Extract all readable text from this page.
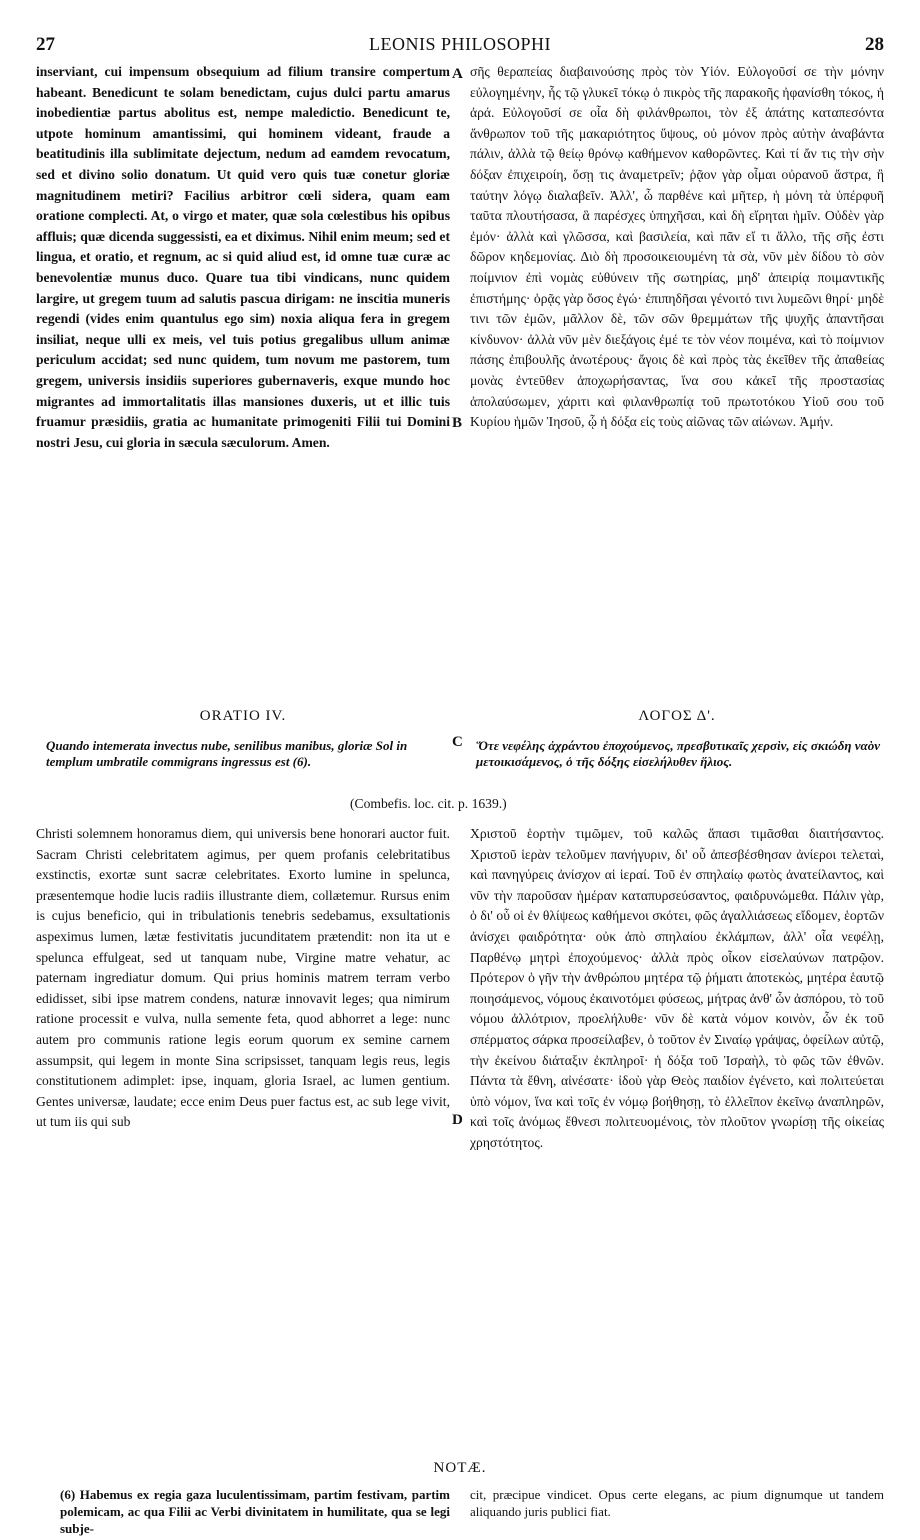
27	LEONIS PHILOSOPHI	28

inserviant, cui impensum obsequium ad filium transire compertum habeant. Benedicunt te solam benedictam, cujus dulci partu amarus inobedientiæ partus abolitus est, nempe maledictio. Benedicunt te, utpote hominum amantissimi, qui hominem videant, fraude a beatitudinis illa sublimitate dejectum, nedum ad eamdem revocatum, sed et divino solio donatum. Ut quid vero quis tuæ conetur gloriæ magnitudinem metiri? Facilius arbitror cœli sidera, quam eam oratione complecti. At, o virgo et mater, quæ sola cœlestibus his opibus affluis; quæ dicenda suggessisti, ea et diximus. Nihil enim meum; sed et lingua, et oratio, et regnum, ac si quid aliud est, id omne tuæ curæ ac benevolentiæ munus duco. Quare tua tibi vindicans, nunc quidem largire, ut gregem tuum ad salutis pascua dirigam: ne inscitia muneris regendi (vides enim quantulus ego sim) noxia aliqua fera in gregem insiliat, neque ulli ex meis, vel tuis potius gregalibus ullum animæ periculum accidat; sed nunc quidem, tum novum me pastorem, tum gregem, universis insidiis superiores gubernaveris, exque mundo hoc migrantes ad immortalitatis illas mansiones duxeris, ut et illic tuis fruamur præsidiis, gratia ac humanitate primogeniti Filii tui Domini nostri Jesu, cui gloria in sæcula sæculorum. Amen.

σῆς θεραπείας διαβαινούσης πρὸς τὸν Υἱόν. Εὐλογοῦσί σε τὴν μόνην εὐλογημένην, ἧς τῷ γλυκεῖ τόκῳ ὁ πικρὸς τῆς παρακοῆς ἠφανίσθη τόκος, ἡ ἀρά. Εὐλογοῦσί σε οἷα δὴ φιλάνθρωποι, τὸν ἐξ ἀπάτης καταπεσόντα ἄνθρωπον τοῦ τῆς μακαριότητος ὕψους, οὐ μόνον πρὸς αὐτὴν ἀναβάντα πάλιν, ἀλλὰ τῷ θείῳ θρόνῳ καθήμενον καθορῶντες. Καὶ τί ἄν τις τὴν σὴν δόξαν ἐπιχειροίη, ὅσῃ τις ἀναμετρεῖν; ῥᾷον γὰρ οἶμαι οὐρανοῦ ἄστρα, ἢ ταύτην λόγῳ διαλαβεῖν. Ἀλλ', ὦ παρθένε καὶ μῆτερ, ἡ μόνη τὰ ὑπέρφυῆ ταῦτα πλουτήσασα, ἃ παρέσχες ὑπηχῆσαι, καὶ δὴ εἴρηται ἡμῖν. Οὐδὲν γὰρ ἐμόν· ἀλλὰ καὶ γλῶσσα, καὶ βασιλεία, καὶ πᾶν εἴ τι ἄλλο, τῆς σῆς ἐστι δῶρον κηδεμονίας. Διὸ δὴ προσοικειουμένη τὰ σὰ, νῦν μὲν δίδου τὸ σὸν ποίμνιον ἐπὶ νομὰς εὐθύνειν τῆς σωτηρίας, μηδ' ἀπειρίᾳ ποιμαντικῆς ἐπιστήμης· ὁρᾷς γὰρ ὅσος ἐγώ· ἐπιπηδῆσαι γένοιτό τινι λυμεῶνι θηρί· μηδὲ τινι τῶν ἐμῶν, μᾶλλον δὲ, τῶν σῶν θρεμμάτων τῆς ψυχῆς ἀπαντῆσαι κίνδυνον· ἀλλὰ νῦν μὲν διεξάγοις ἐμέ τε τὸν νέον ποιμένα, καὶ τὸ ποίμνιον πάσης ἐπιβουλῆς ἀνωτέρους· ἄγοις δὲ καὶ πρὸς τὰς ἐκεῖθεν τῆς ἀπαθείας μονὰς ἐντεῦθεν ἀποχωρήσαντας, ἵνα σου κἀκεῖ τῆς προστασίας ἀπολαύσωμεν, χάριτι καὶ φιλανθρωπίᾳ τοῦ πρωτοτόκου Υἱοῦ σου τοῦ Κυρίου ἡμῶν Ἰησοῦ, ᾧ ἡ δόξα εἰς τοὺς αἰῶνας τῶν αἰώνων. Ἀμήν.

A
B
C
D
ORATIO IV.	ΛΟΓΟΣ Δ'.
Quando intemerata invectus nube, senilibus manibus, gloriæ Sol in templum umbratile commigrans ingressus est (6).
Ὅτε νεφέλης ἀχράντου ἐποχούμενος, πρεσβυτικαῖς χερσὶν, εἰς σκιώδη ναὸν μετοικισάμενος, ὁ τῆς δόξης εἰσελήλυθεν ἥλιος.
(Combefis. loc. cit. p. 1639.)

Christi solemnem honoramus diem, qui universis bene honorari auctor fuit. Sacram Christi celebritatem agimus, per quem profanis celebritatibus exstinctis, exortæ sunt sacræ celebritates. Exorto lumine in spelunca, præsentemque hodie lucis radiis illustrante diem, collætemur. Rursus enim is cujus beneficio, qui in tribulationis tenebris sedebamus, exsultationis aspeximus lumen, lætæ festivitatis jucunditatem prætendit: non ita ut e spelunca effulgeat, sed ut tanquam nube, Virgine matre vehatur, ac paternam ingrediatur domum. Qui prius hominis matrem terram verbo edidisset, sibi ipse matrem condens, naturæ innovavit leges; qua nimirum ratione processit e vulva, nulla semente feta, quod abhorret a lege: nunc autem pro communis ratione legis eorum quorum ex semine carnem assumpsit, qui legem in monte Sina scripsisset, tanquam legis reus, legis constitutionem adimplet: ipse, inquam, gloria Israel, ac lumen gentium. Gentes universæ, laudate; ecce enim Deus puer factus est, ac sub lege vivit, ut tum iis qui sub

Χριστοῦ ἑορτὴν τιμῶμεν, τοῦ καλῶς ἅπασι τιμᾶσθαι διαιτήσαντος. Χριστοῦ ἱερὰν τελοῦμεν πανήγυριν, δι' οὗ ἀπεσβέσθησαν ἀνίεροι τελεταὶ, καὶ πανηγύρεις ἀνίσχον αἱ ἱεραί. Τοῦ ἐν σπηλαίῳ φωτὸς ἀνατείλαντος, καὶ νῦν τὴν παροῦσαν ἡμέραν καταπυρσεύσαντος, φαιδρυνώμεθα. Πάλιν γὰρ, ὁ δι' οὗ οἱ ἐν θλίψεως καθήμενοι σκότει, φῶς ἀγαλλιάσεως εἴδομεν, ἑορτῶν ἀνίσχει φαιδρότητα· οὐκ ἀπὸ σπηλαίου ἐκλάμπων, ἀλλ' οἷα νεφέλῃ, Παρθένῳ μητρὶ ἐποχούμενος· ἀλλὰ πρὸς οἶκον εἰσελαύνων πατρῷον. Πρότερον ὁ γῆν τὴν ἀνθρώπου μητέρα τῷ ῥήματι ἀποτεκὼς, μητέρα ἑαυτῷ ποιησάμενος, νόμους ἐκαινοτόμει φύσεως, μήτρας ἀνθ' ὧν ἀσπόρου, τὸ τοῦ νόμου ἀλλότριον, προελήλυθε· νῦν δὲ κατὰ νόμον κοινὸν, ὧν ἐκ τοῦ σπέρματος σάρκα προσείλαβεν, ὁ τοῦτον ἐν Σιναίῳ γράψας, ὀφείλων αὐτῷ, τὴν ἐκείνου διάταξιν ἐκπληροῖ· ἡ δόξα τοῦ Ἰσραὴλ, τὸ φῶς τῶν ἐθνῶν. Πάντα τὰ ἔθνη, αἰνέσατε· ἰδοὺ γὰρ Θεὸς παιδίον ἐγένετο, καὶ πολιτεύεται ὑπὸ νόμον, ἵνα καὶ τοῖς ἐν νόμῳ βοήθησῃ, τὸ ἐλλεῖπον ἐκεῖνῳ ἀναπληρῶν, καὶ τοῖς ἀνόμως ἔθνεσι πολιτευομένοις, τὸν πλοῦτον γνωρίσῃ τῆς οἰκείας χρηστότητος.

NOTÆ.
(6) Habemus ex regia gaza luculentissimam, partim festivam, partim polemicam, ac qua Filii ac Verbi divinitatem in humilitate, qua se legi subje-
cit, præcipue vindicet. Opus certe elegans, ac pium dignumque ut tandem aliquando juris publici fiat.
